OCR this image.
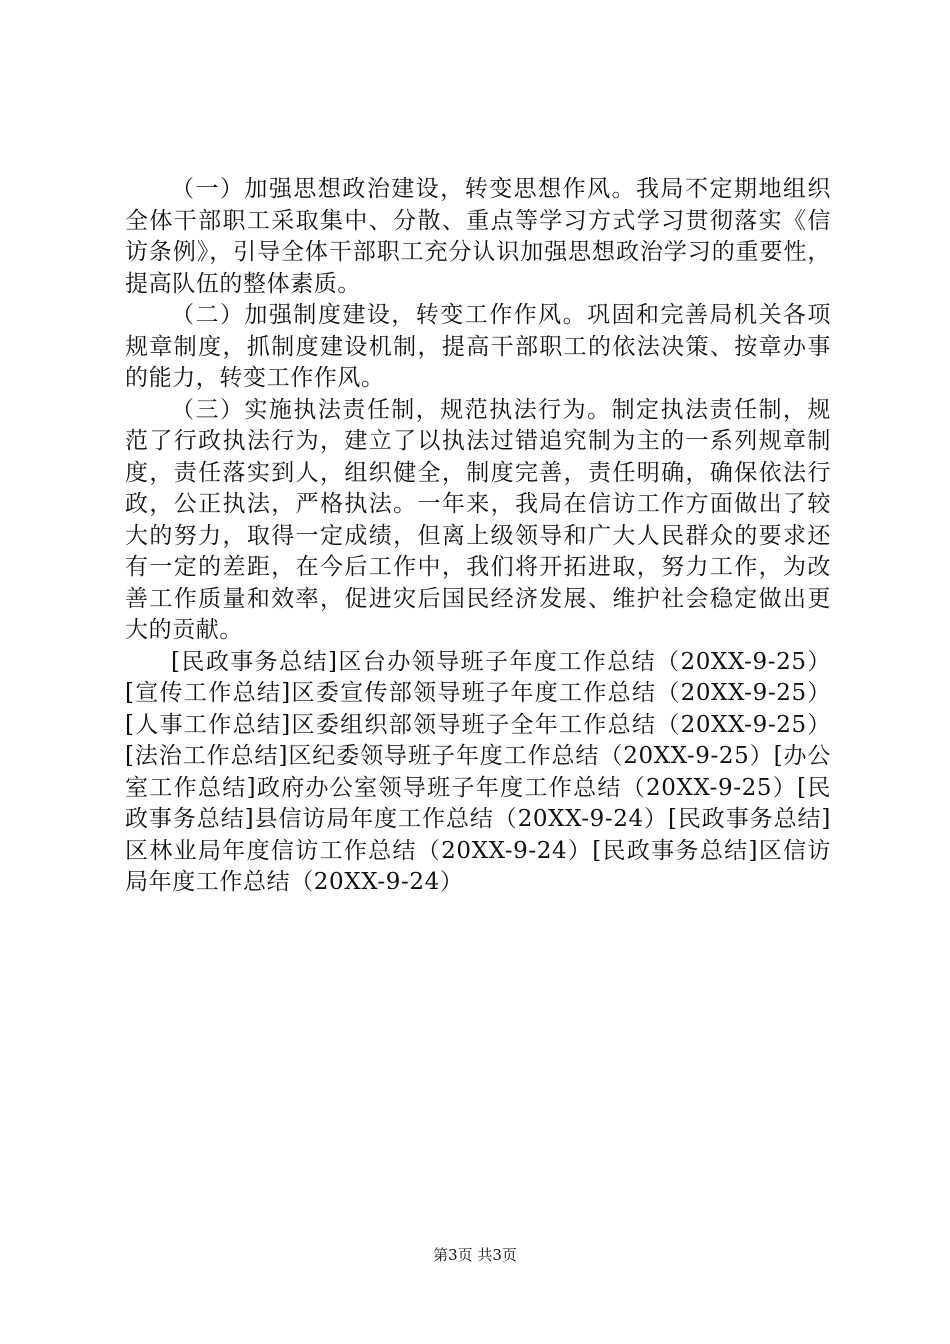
（一）加强思想政治建设，转变思想作风。我局不定期地组织全体干部职工采取集中、分散、重点等学习方式学习贯彻落实《信访条例》，引导全体干部职工充分认识加强思想政治学习的重要性，提高队伍的整体素质。

（二）加强制度建设，转变工作作风。巩固和完善局机关各项规章制度，抓制度建设机制，提高干部职工的依法决策、按章办事的能力，转变工作作风。

（三）实施执法责任制，规范执法行为。制定执法责任制，规范了行政执法行为，建立了以执法过错追究制为主的一系列规章制度，责任落实到人，组织健全，制度完善，责任明确，确保依法行政，公正执法，严格执法。一年来，我局在信访工作方面做出了较大的努力，取得一定成绩，但离上级领导和广大人民群众的要求还有一定的差距，在今后工作中，我们将开拓进取，努力工作，为改善工作质量和效率，促进灾后国民经济发展、维护社会稳定做出更大的贡献。

[民政事务总结]区台办领导班子年度工作总结（20XX-9-25）[宣传工作总结]区委宣传部领导班子年度工作总结（20XX-9-25）[人事工作总结]区委组织部领导班子全年工作总结（20XX-9-25）[法治工作总结]区纪委领导班子年度工作总结（20XX-9-25）[办公室工作总结]政府办公室领导班子年度工作总结（20XX-9-25）[民政事务总结]县信访局年度工作总结（20XX-9-24）[民政事务总结]区林业局年度信访工作总结（20XX-9-24）[民政事务总结]区信访局年度工作总结（20XX-9-24）

第3页 共3页
